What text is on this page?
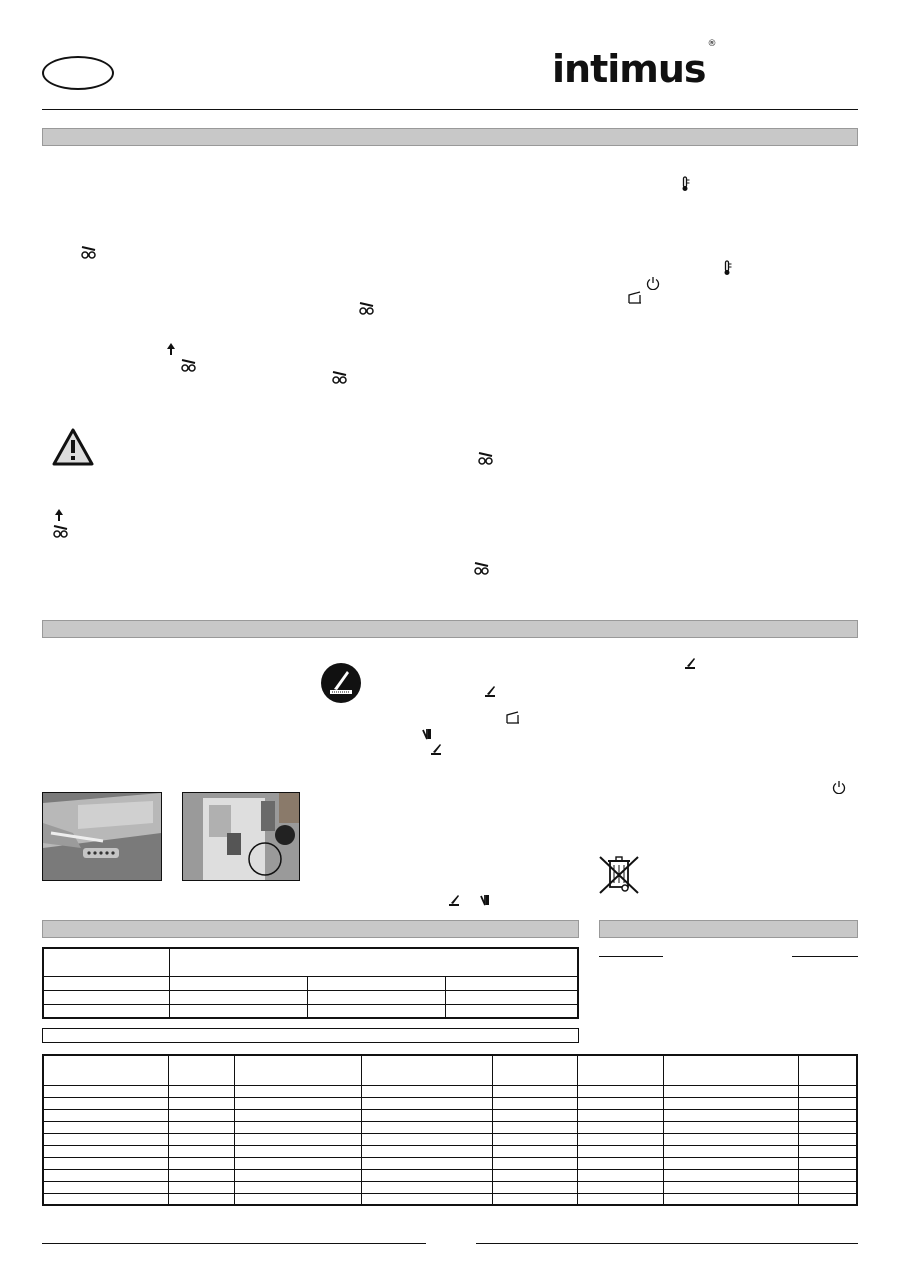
intimus®
